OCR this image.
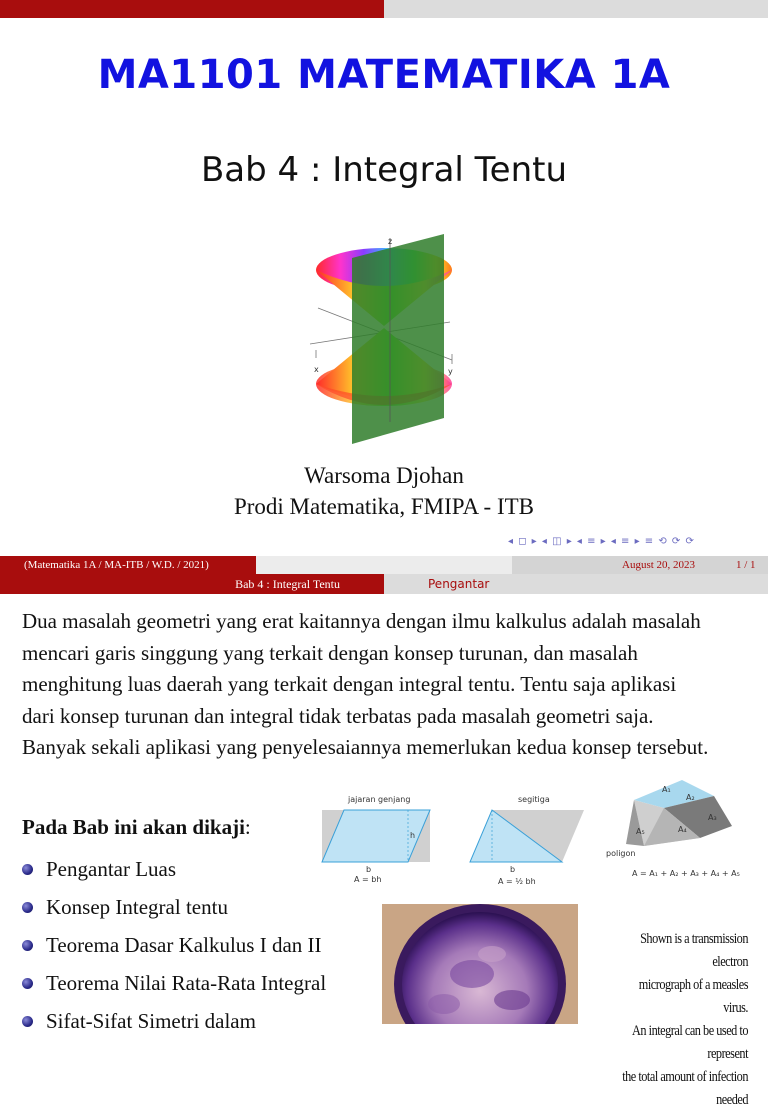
MA1101 MATEMATIKA 1A
Bab 4 : Integral Tentu
z
x	y
Warsoma Djohan
Prodi Matematika, FMIPA - ITB
◂ ◻ ▸ ◂ ◫ ▸ ◂ ≡ ▸ ◂ ≡ ▸ ≡ ⟲ ⟳ ⟳
(Matematika 1A / MA-ITB / W.D. / 2021)	August 20, 2023	1 / 1
Bab 4 : Integral Tentu	Pengantar
Dua masalah geometri yang erat kaitannya dengan ilmu kalkulus adalah masalah mencari garis singgung yang terkait dengan konsep turunan, dan masalah menghitung luas daerah yang terkait dengan integral tentu. Tentu saja aplikasi dari konsep turunan dan integral tidak terbatas pada masalah geometri saja. Banyak sekali aplikasi yang penyelesaiannya memerlukan kedua konsep tersebut.
Pada Bab ini akan dikaji:
Pengantar Luas
Konsep Integral tentu
Teorema Dasar Kalkulus I dan II
Teorema Nilai Rata-Rata Integral
Sifat-Sifat Simetri dalam
jajaran genjang
h
b
A = bh
segitiga
b
A = ½ bh
A₁
A₂
A₃
A₄
A₅
poligon
A = A₁ + A₂ + A₃ + A₄ + A₅
Shown is a transmission electron
micrograph of a measles virus.
An integral can be used to represent
the total amount of infection needed
